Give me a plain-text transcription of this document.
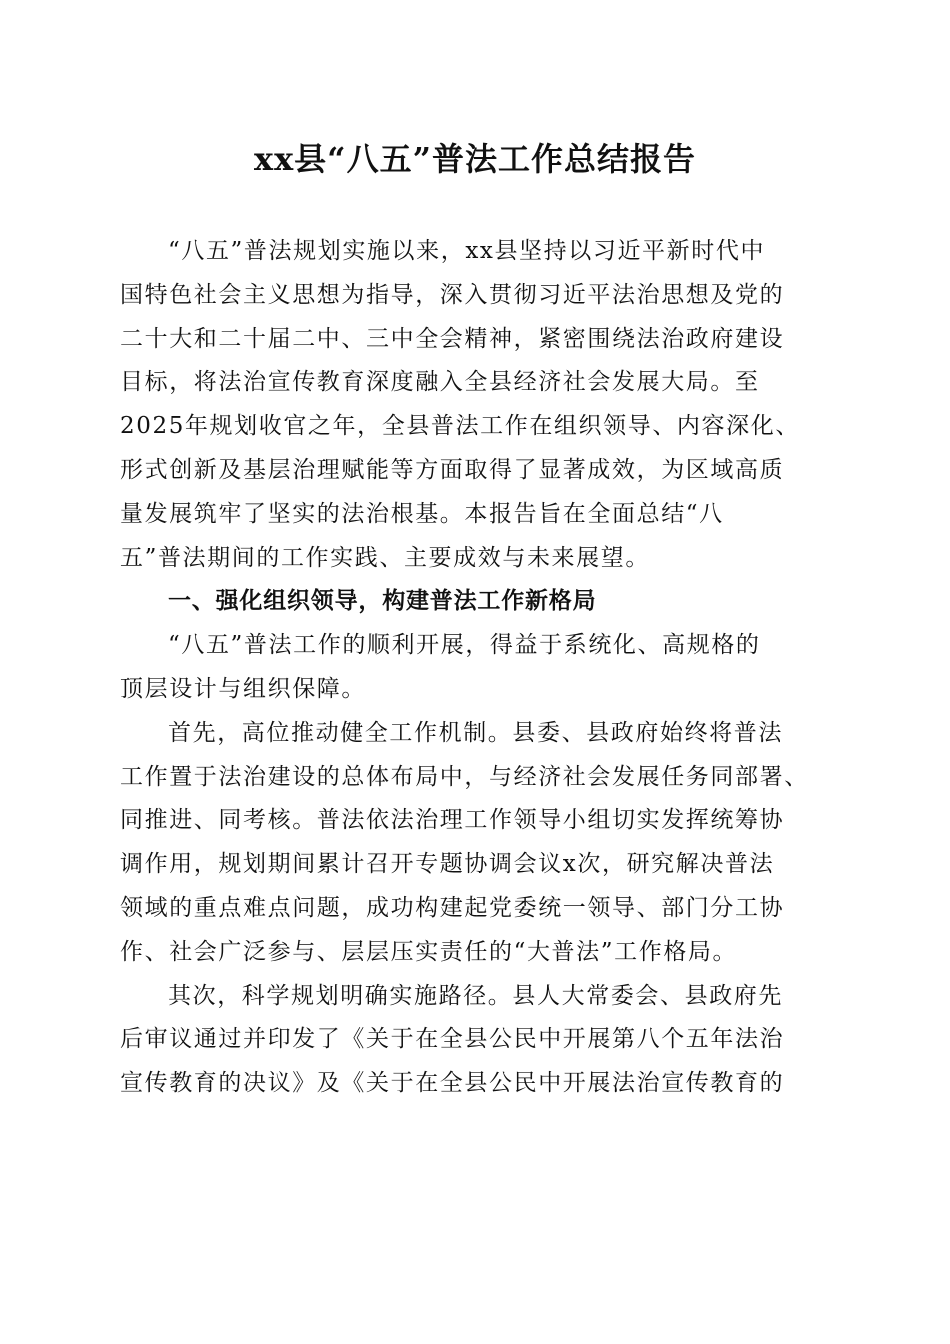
xx县“八五”普法工作总结报告
“八五”普法规划实施以来，xx县坚持以习近平新时代中
国特色社会主义思想为指导，深入贯彻习近平法治思想及党的
二十大和二十届二中、三中全会精神，紧密围绕法治政府建设
目标，将法治宣传教育深度融入全县经济社会发展大局。至
2025年规划收官之年，全县普法工作在组织领导、内容深化、
形式创新及基层治理赋能等方面取得了显著成效，为区域高质
量发展筑牢了坚实的法治根基。本报告旨在全面总结“八
五”普法期间的工作实践、主要成效与未来展望。
一、强化组织领导，构建普法工作新格局
“八五”普法工作的顺利开展，得益于系统化、高规格的
顶层设计与组织保障。
首先，高位推动健全工作机制。县委、县政府始终将普法
工作置于法治建设的总体布局中，与经济社会发展任务同部署、
同推进、同考核。普法依法治理工作领导小组切实发挥统筹协
调作用，规划期间累计召开专题协调会议x次，研究解决普法
领域的重点难点问题，成功构建起党委统一领导、部门分工协
作、社会广泛参与、层层压实责任的“大普法”工作格局。
其次，科学规划明确实施路径。县人大常委会、县政府先
后审议通过并印发了《关于在全县公民中开展第八个五年法治
宣传教育的决议》及《关于在全县公民中开展法治宣传教育的
